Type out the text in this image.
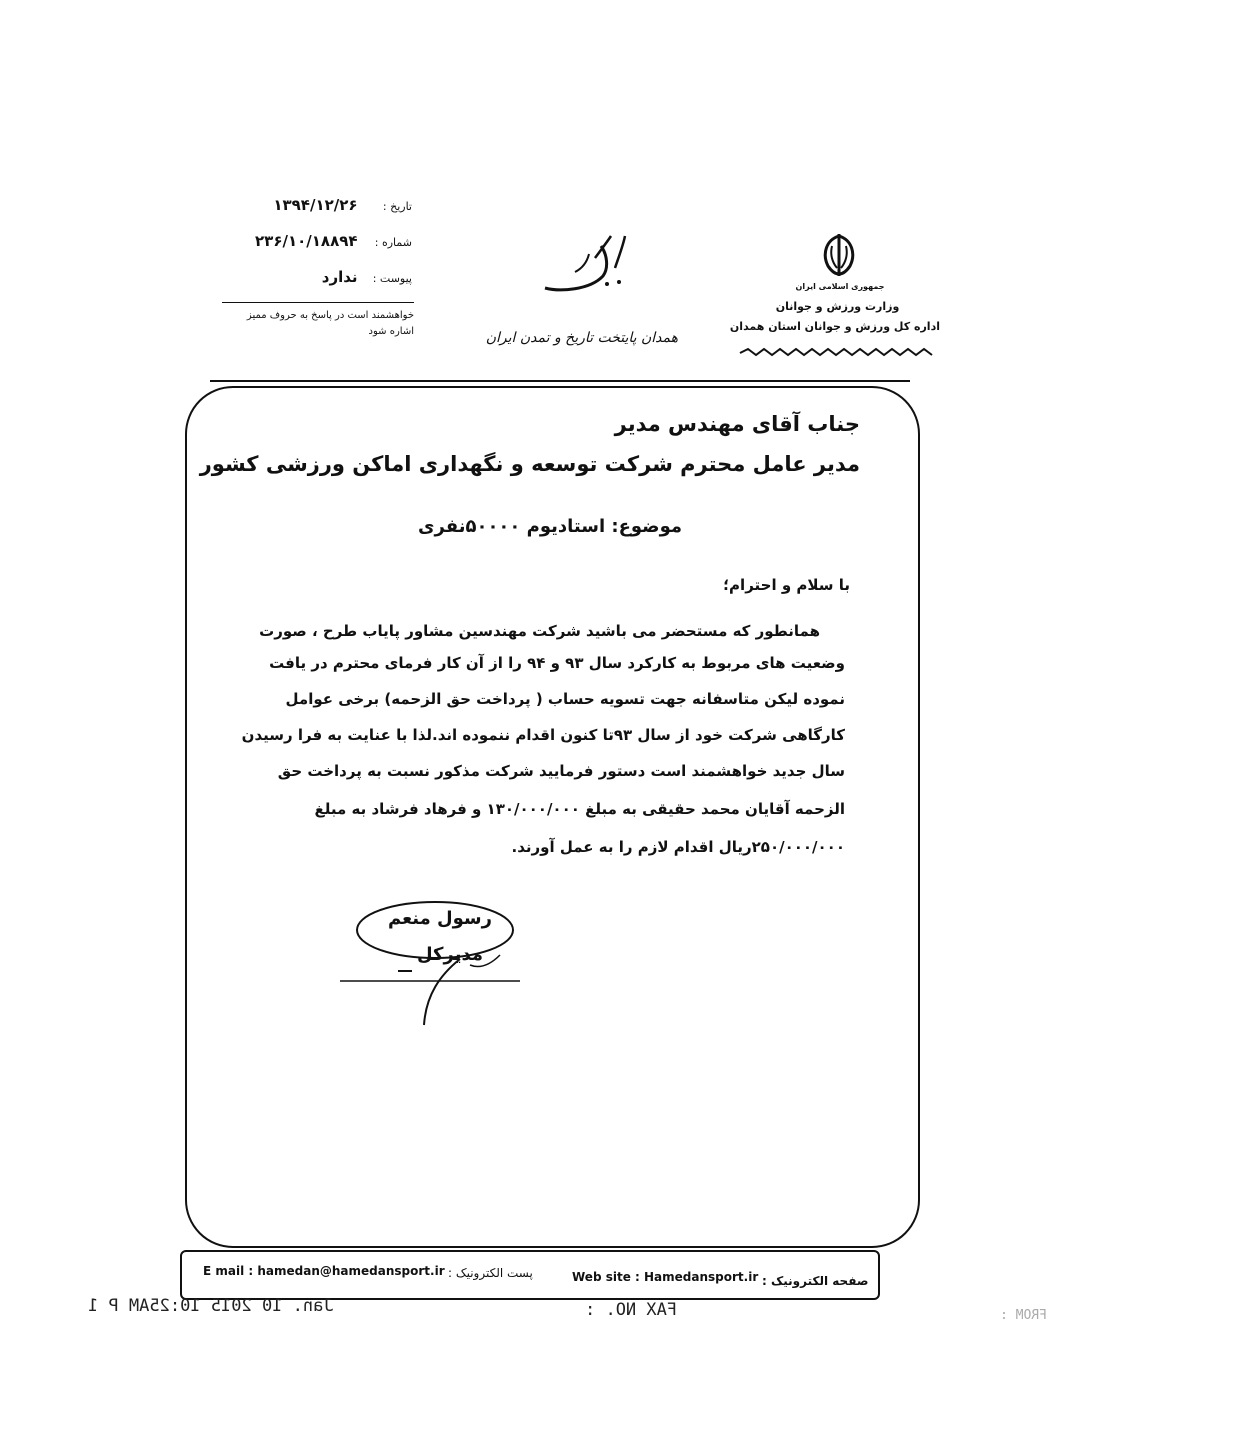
تاریخ : ۱۳۹۴/۱۲/۲۶
شماره : ۲۳۶/۱۰/۱۸۸۹۴
پیوست : ندارد
خواهشمند است در پاسخ به حروف ممیز
اشاره شود	همدان پایتخت تاریخ و تمدن ایران
جمهوری اسلامی ایران
وزارت ورزش و جوانان
اداره کل ورزش و جوانان استان همدان
جناب آقای مهندس مدیر
مدیر عامل محترم شرکت توسعه و نگهداری اماکن ورزشی کشور
موضوع: استادیوم ۵۰۰۰۰نفری
با سلام و احترام؛
همانطور که مستحضر می باشید شرکت مهندسین مشاور پایاب طرح ، صورت
وضعیت های مربوط به کارکرد سال ۹۳ و ۹۴ را از آن کار فرمای محترم در یافت
نموده لیکن متاسفانه جهت تسویه حساب ( پرداخت حق الزحمه) برخی عوامل
کارگاهی شرکت خود از سال ۹۳تا کنون اقدام ننموده اند.لذا با عنایت به فرا رسیدن
سال جدید خواهشمند است دستور فرمایید شرکت مذکور نسبت به پرداخت حق
الزحمه آقایان محمد حقیقی به مبلغ ۱۳۰/۰۰۰/۰۰۰ و فرهاد فرشاد به مبلغ
۲۵۰/۰۰۰/۰۰۰ریال اقدام لازم را به عمل آورند.
رسول منعم
مدیرکل
E mail : hamedan@hamedansport.ir پست الکترونیک :	Web site : Hamedansport.ir صفحه الکترونیک :
Jan. 10 2015 10:25AM P 1	FAX NO. :	FROM :
